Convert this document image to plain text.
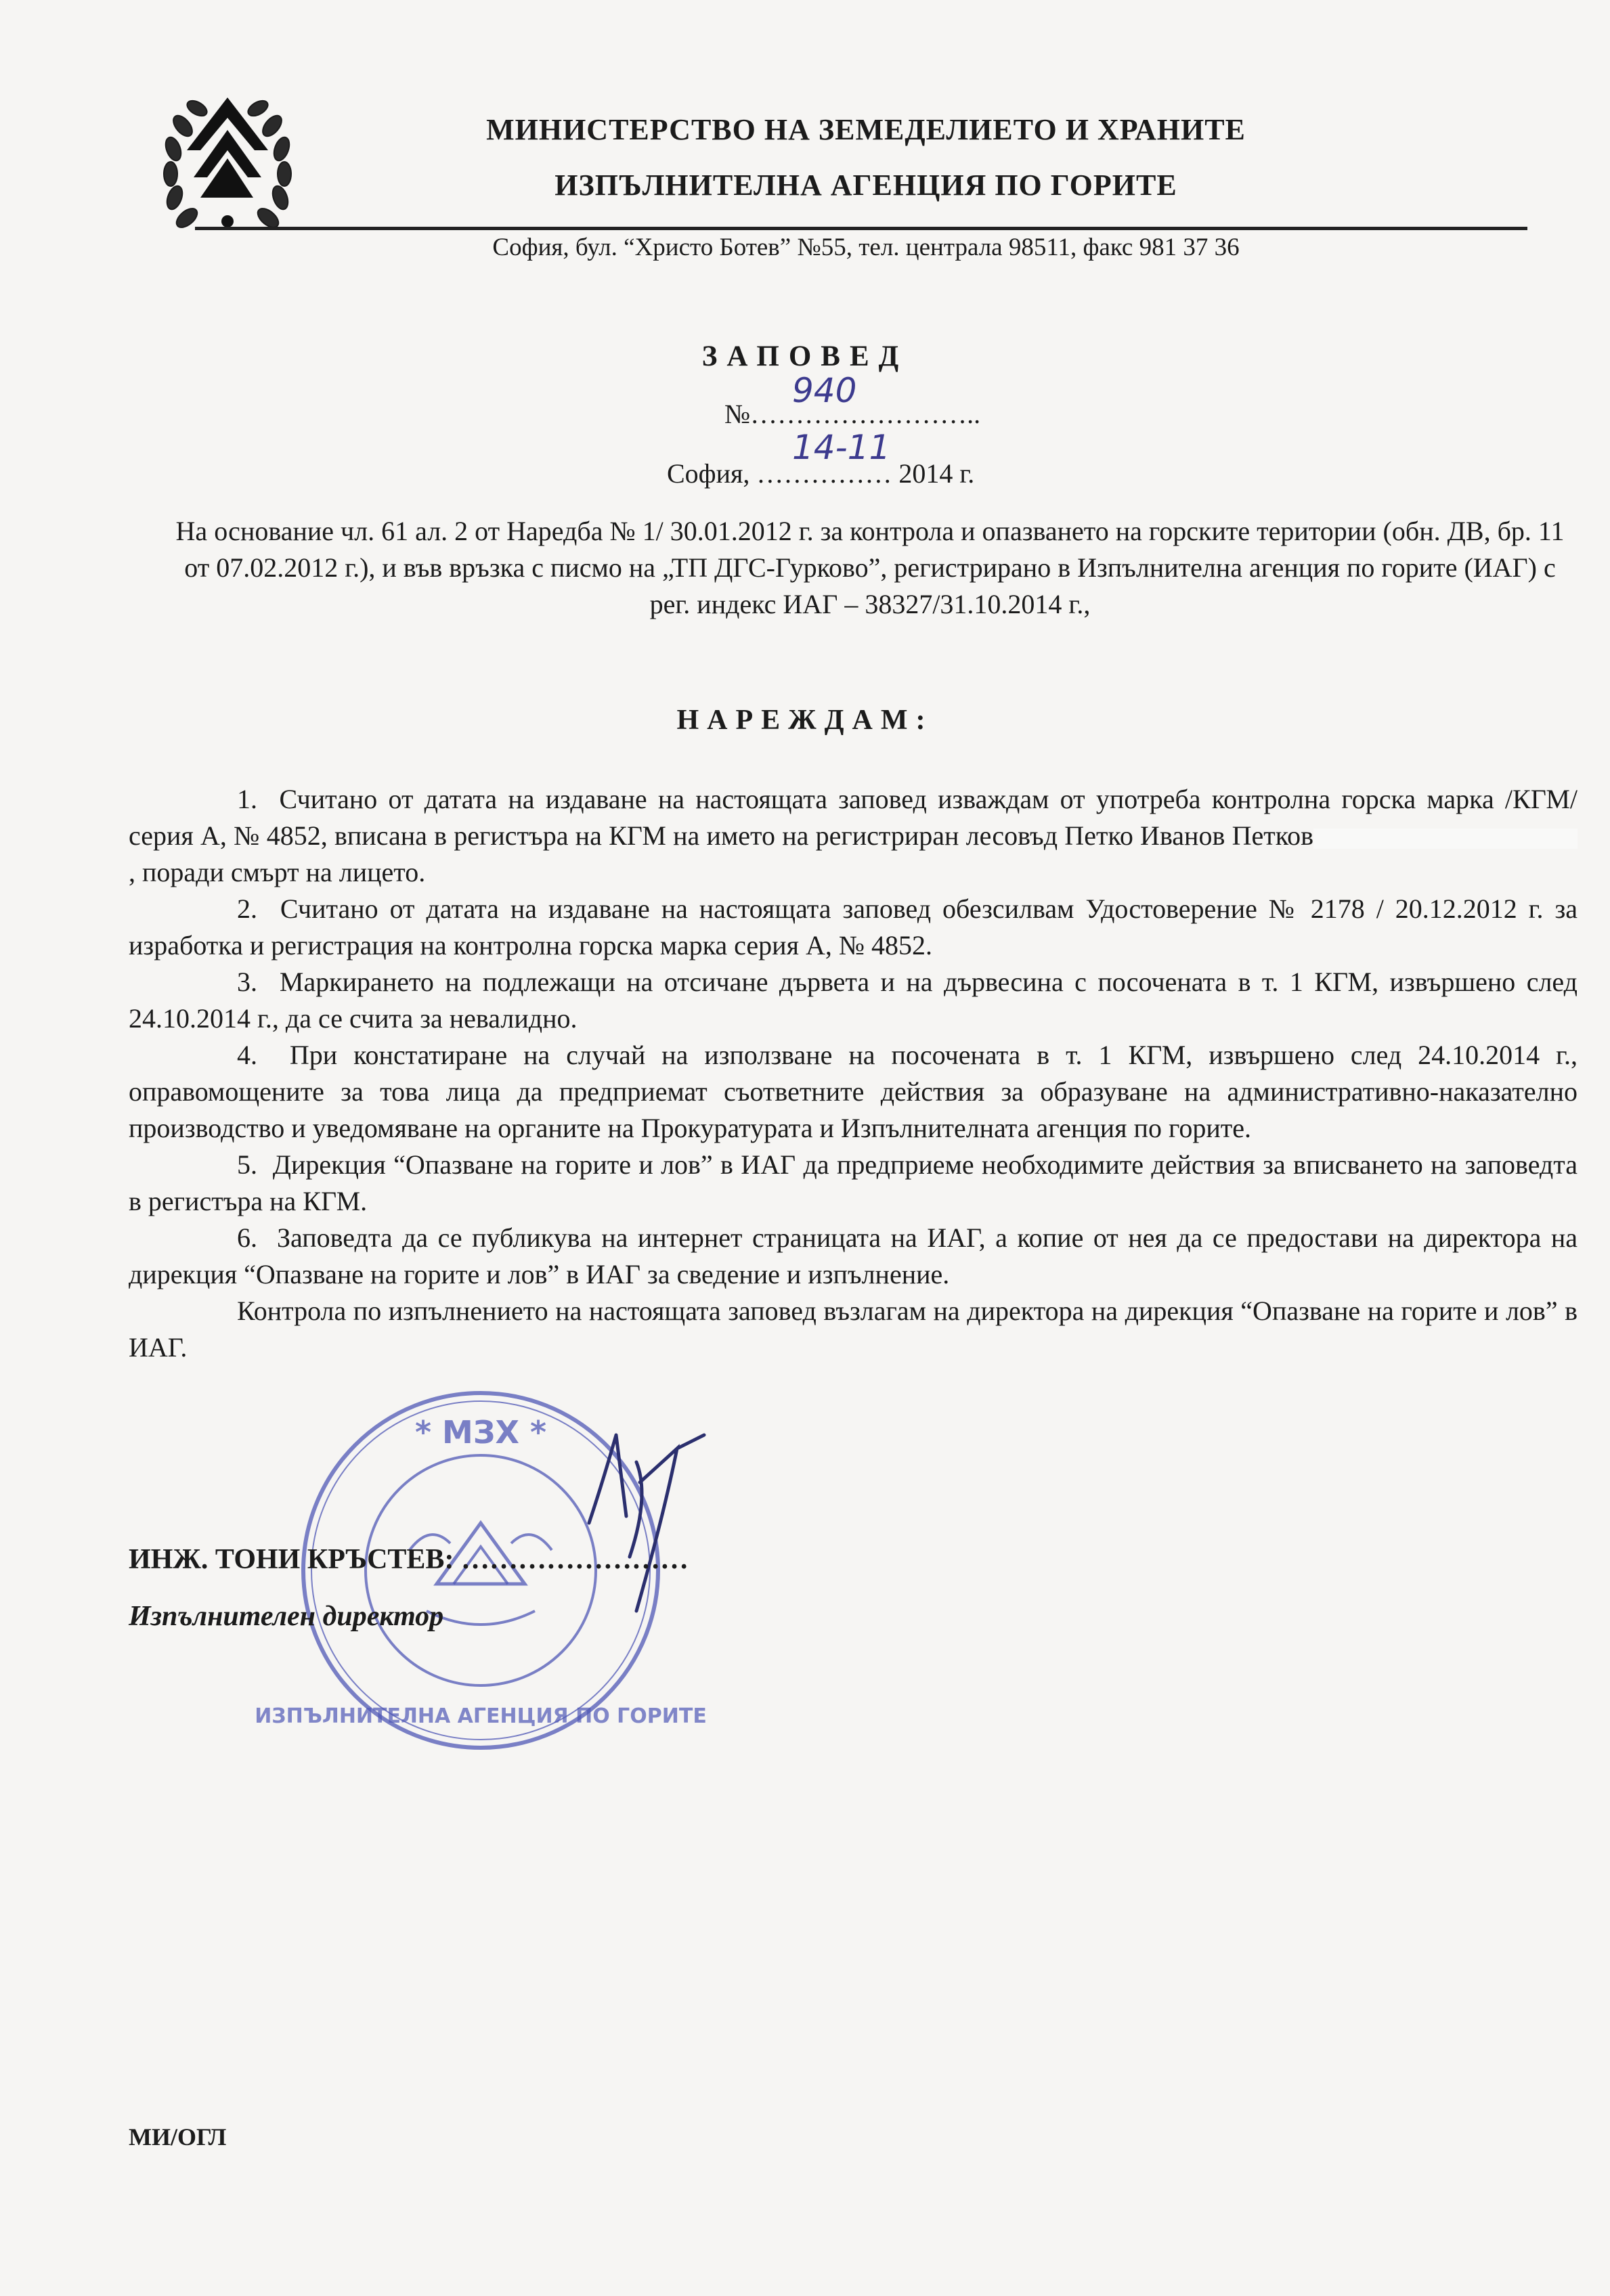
МИНИСТЕРСТВО НА ЗЕМЕДЕЛИЕТО И ХРАНИТЕ
ИЗПЪЛНИТЕЛНА АГЕНЦИЯ ПО ГОРИТЕ
София, бул. “Христо Ботев” №55, тел. централа 98511, факс 981 37 36
ЗАПОВЕД
№……………………..
940
София, …………… 2014 г.
14-11
На основание чл. 61 ал. 2 от Наредба № 1/ 30.01.2012 г. за контрола и опазването на горските територии (обн. ДВ, бр. 11 от 07.02.2012 г.), и във връзка с писмо на „ТП ДГС-Гурково”, регистрирано в Изпълнителна агенция по горите (ИАГ) с рег. индекс ИАГ – 38327/31.10.2014 г.,
НАРЕЖДАМ:

1. Считано от датата на издаване на настоящата заповед изваждам от употреба контролна горска марка /КГМ/ серия А, № 4852, вписана в регистъра на КГМ на името на регистриран лесовъд Петко Иванов Петков, поради смърт на лицето.

2. Считано от датата на издаване на настоящата заповед обезсилвам Удостоверение № 2178 / 20.12.2012 г. за изработка и регистрация на контролна горска марка серия А, № 4852.

3. Маркирането на подлежащи на отсичане дървета и на дървесина с посочената в т. 1 КГМ, извършено след 24.10.2014 г., да се счита за невалидно.

4. При констатиране на случай на използване на посочената в т. 1 КГМ, извършено след 24.10.2014 г., оправомощените за това лица да предприемат съответните действия за образуване на административно-наказателно производство и уведомяване на органите на Прокуратурата и Изпълнителната агенция по горите.

5. Дирекция “Опазване на горите и лов” в ИАГ да предприеме необходимите действия за вписването на заповедта в регистъра на КГМ.

6. Заповедта да се публикува на интернет страницата на ИАГ, а копие от нея да се предостави на директора на дирекция “Опазване на горите и лов” в ИАГ за сведение и изпълнение.

Контрола по изпълнението на настоящата заповед възлагам на директора на дирекция “Опазване на горите и лов” в ИАГ.

* МЗХ *
ИЗПЪЛНИТЕЛНА АГЕНЦИЯ ПО ГОРИТЕ
ИНЖ. ТОНИ КРЪСТЕВ: ……………………
Изпълнителен директор
МИ/ОГЛ
